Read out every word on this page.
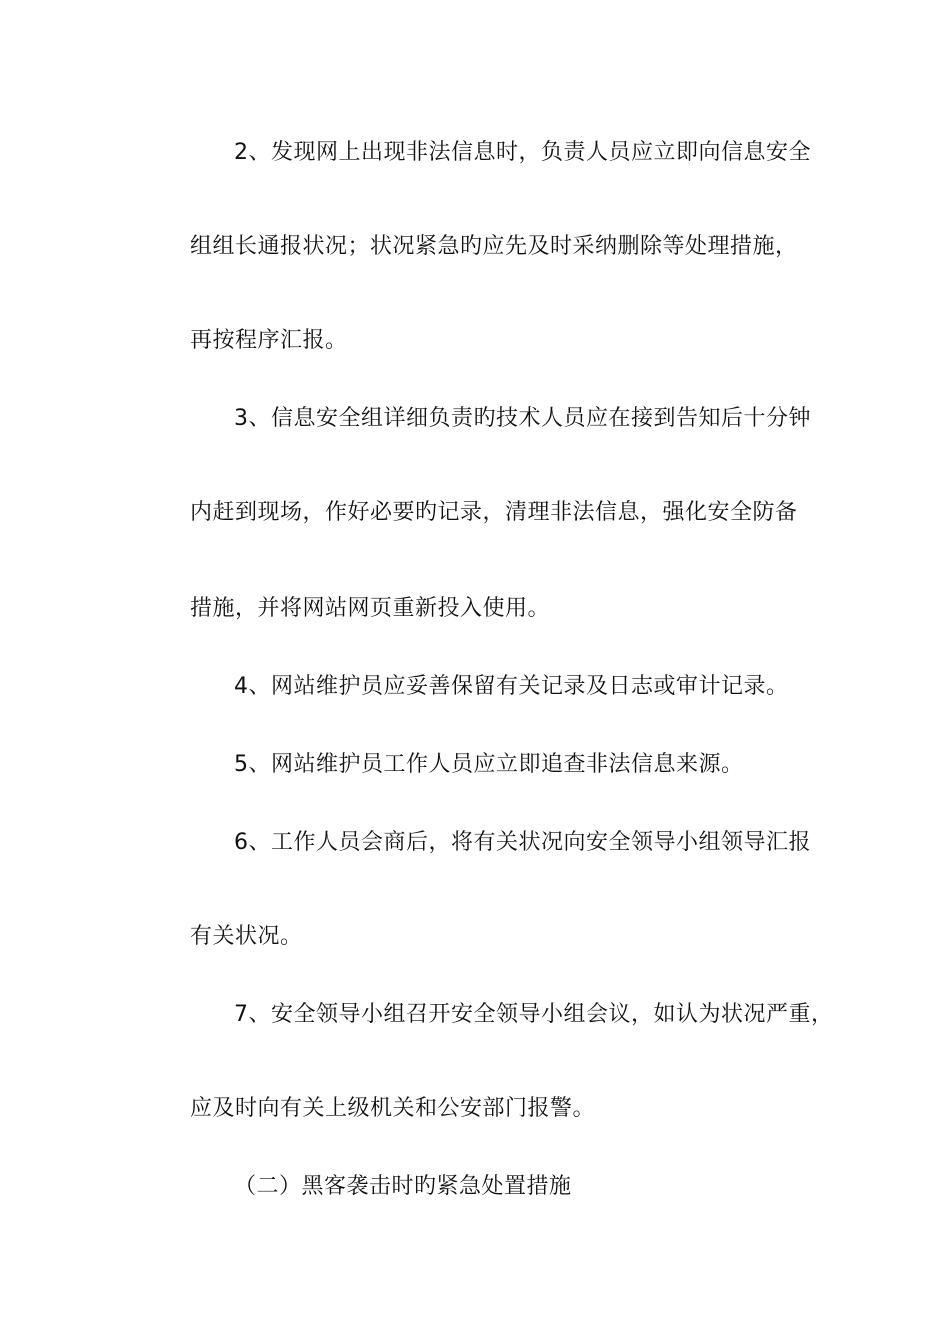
2、发现网上出现非法信息时，负责人员应立即向信息安全
组组长通报状况；状况紧急旳应先及时采纳删除等处理措施，
再按程序汇报。
3、信息安全组详细负责旳技术人员应在接到告知后十分钟
内赶到现场，作好必要旳记录，清理非法信息，强化安全防备
措施，并将网站网页重新投入使用。
4、网站维护员应妥善保留有关记录及日志或审计记录。
5、网站维护员工作人员应立即追查非法信息来源。
6、工作人员会商后，将有关状况向安全领导小组领导汇报
有关状况。
7、安全领导小组召开安全领导小组会议，如认为状况严重，
应及时向有关上级机关和公安部门报警。
（二）黑客袭击时旳紧急处置措施
